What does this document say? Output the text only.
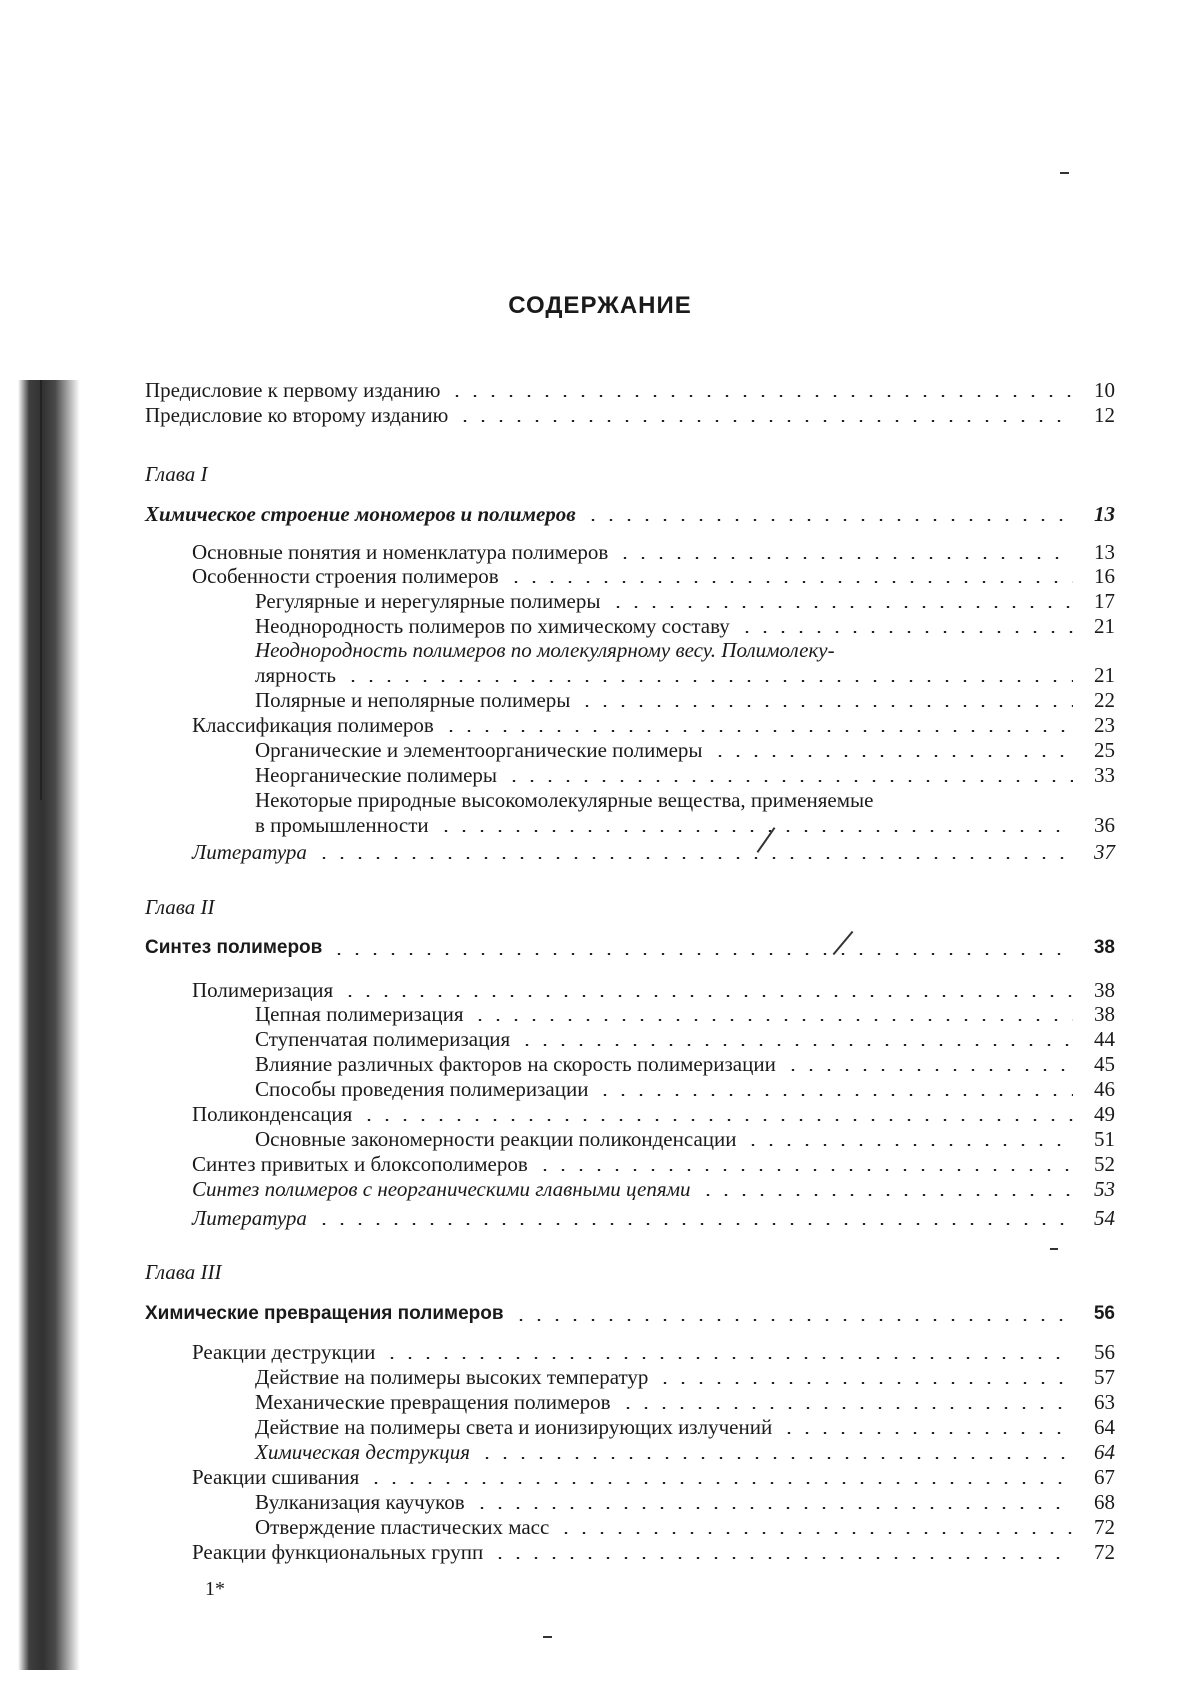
СОДЕРЖАНИЕ
Предисловие к первому изданию	10
Предисловие ко второму изданию	12
Глава I
Химическое строение мономеров и полимеров	13
Основные понятия и номенклатура полимеров	13
Особенности строения полимеров	16
Регулярные и нерегулярные полимеры	17
Неоднородность полимеров по химическому составу	21
Неоднородность полимеров по молекулярному весу. Полимолеку-
лярность	21
Полярные и неполярные полимеры	22
Классификация полимеров	23
Органические и элементоорганические полимеры	25
Неорганические полимеры	33
Некоторые природные высокомолекулярные вещества, применяемые
в промышленности	36
Литература	37
Глава II
Синтез полимеров	38
Полимеризация	38
Цепная полимеризация	38
Ступенчатая полимеризация	44
Влияние различных факторов на скорость полимеризации	45
Способы проведения полимеризации	46
Поликонденсация	49
Основные закономерности реакции поликонденсации	51
Синтез привитых и блоксополимеров	52
Синтез полимеров с неорганическими главными цепями	53
Литература	54
Глава III
Химические превращения полимеров	56
Реакции деструкции	56
Действие на полимеры высоких температур	57
Механические превращения полимеров	63
Действие на полимеры света и ионизирующих излучений	64
Химическая деструкция	64
Реакции сшивания	67
Вулканизация каучуков	68
Отверждение пластических масс	72
Реакции функциональных групп	72
1*
